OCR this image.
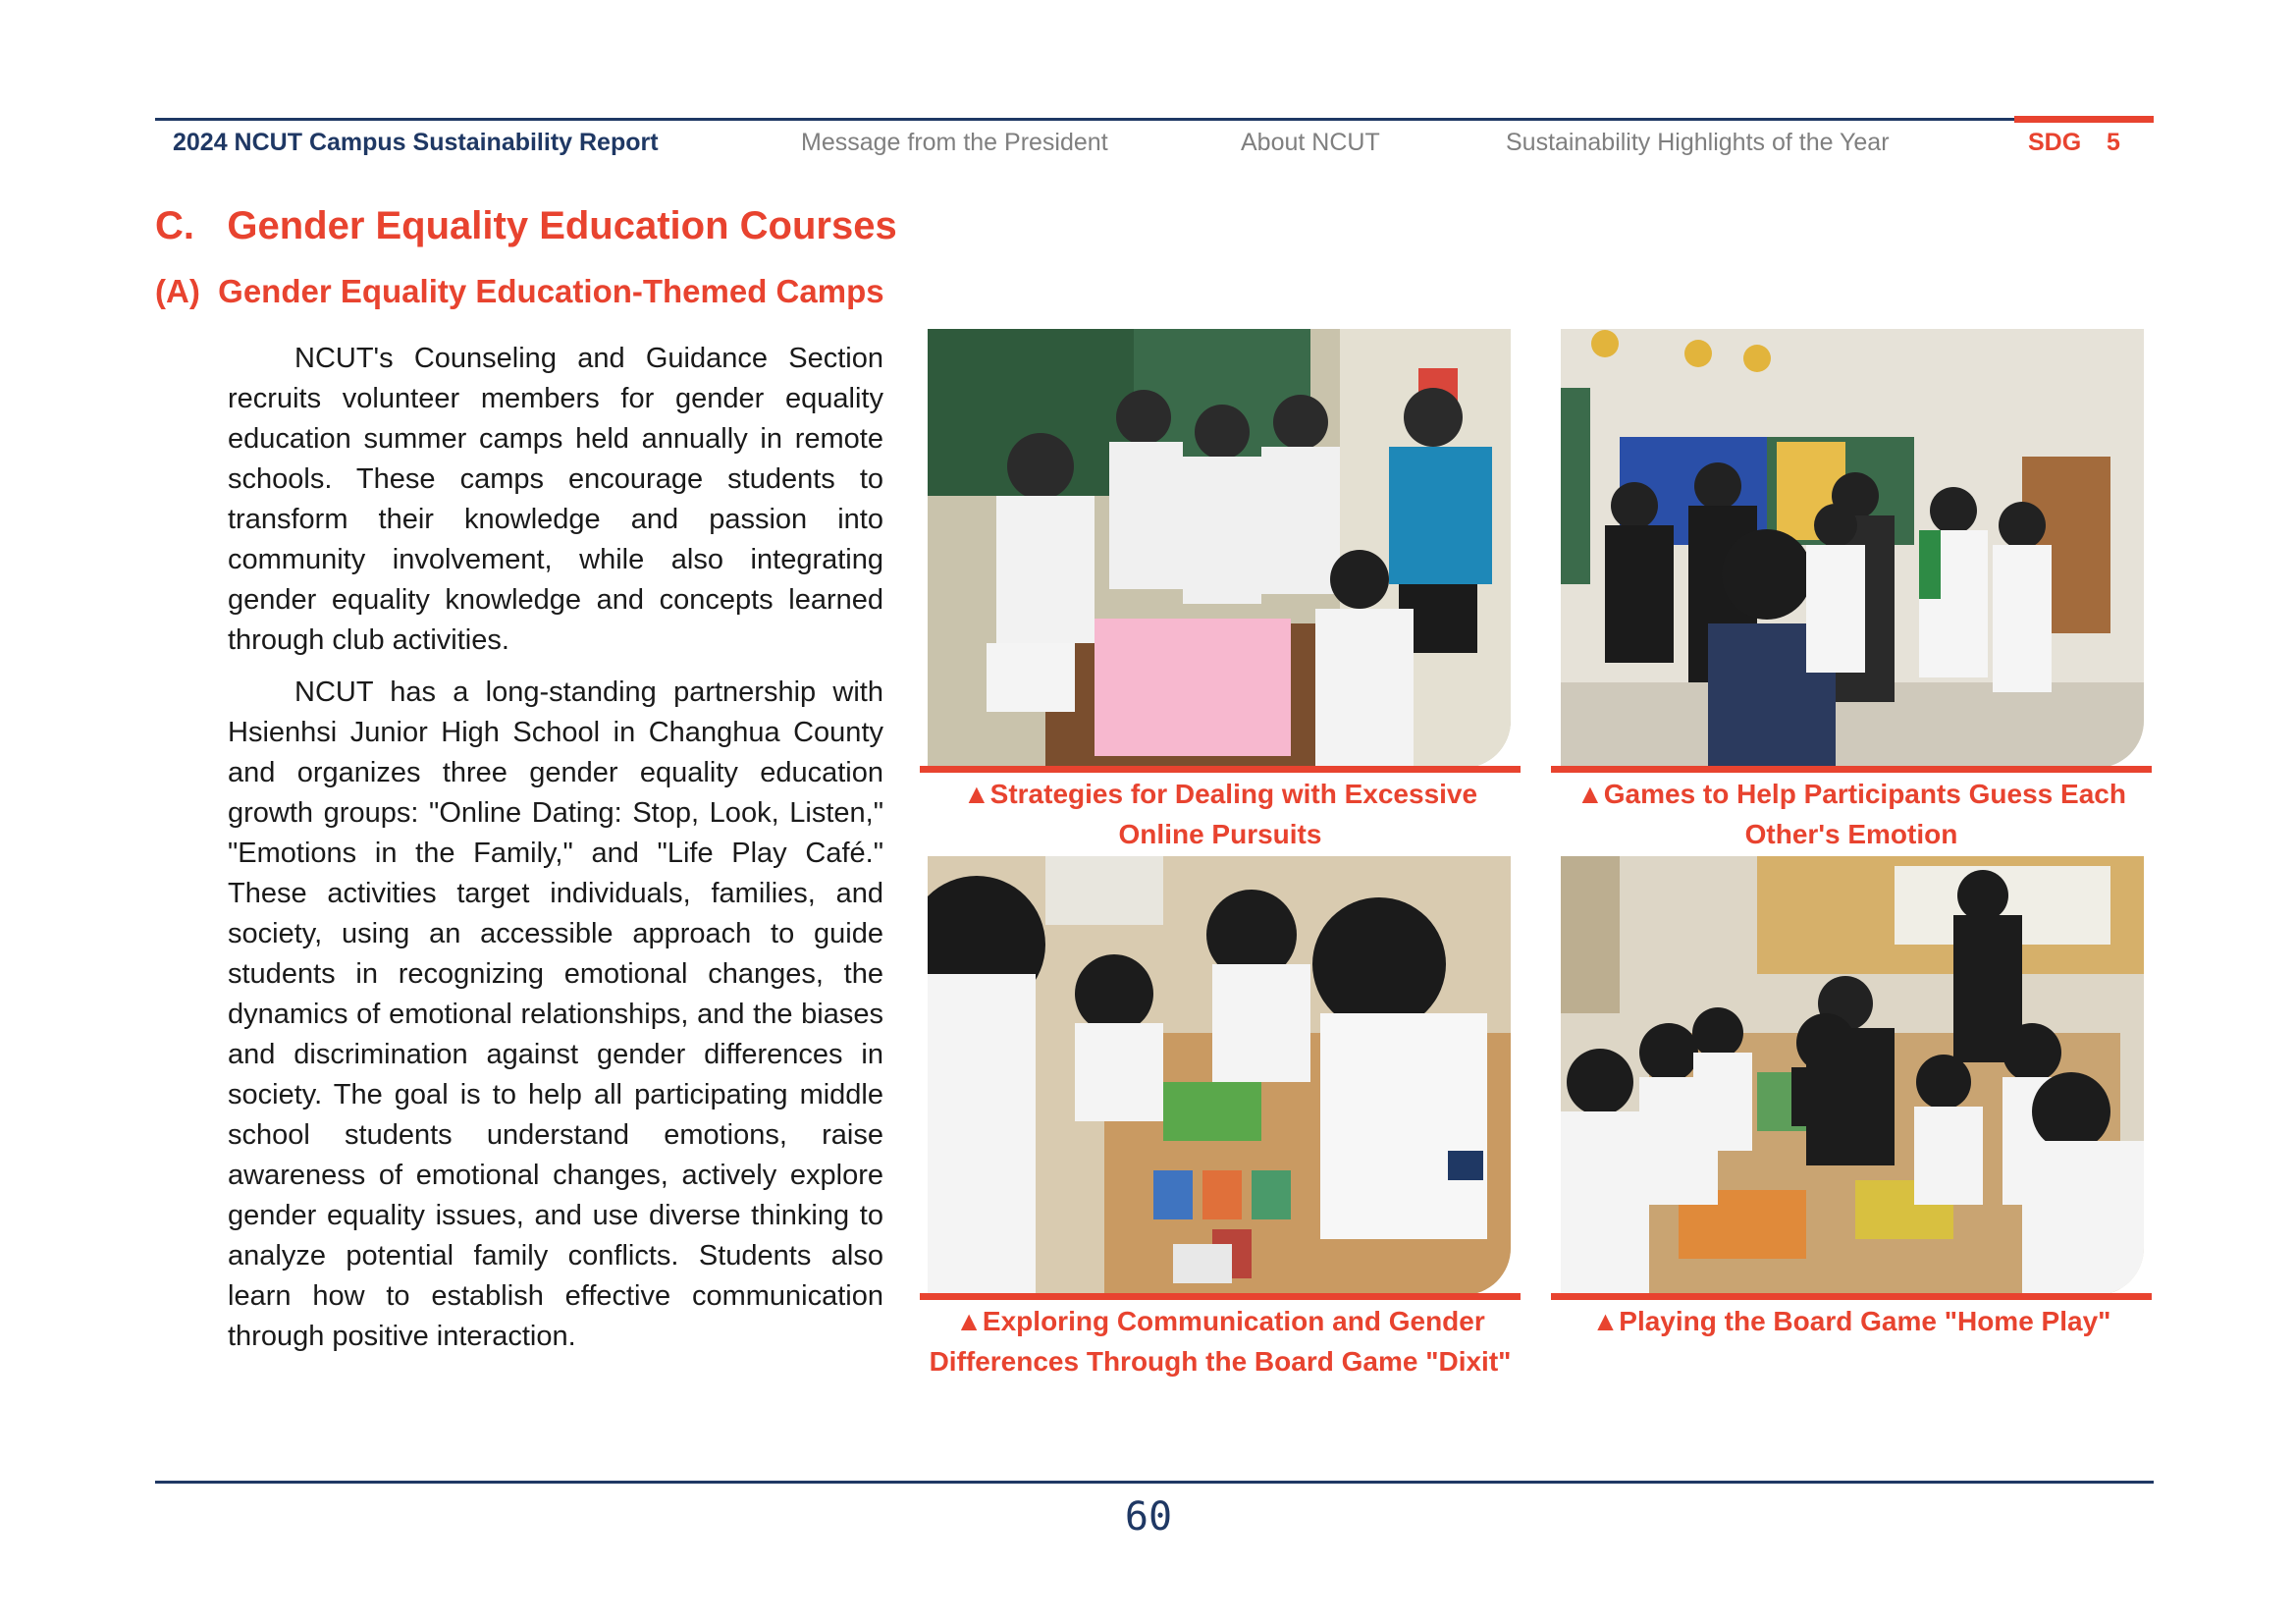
2024 NCUT Campus Sustainability Report	Message from the President	About NCUT	Sustainability Highlights of the Year	SDG 5
C.   Gender Equality Education Courses
(A)  Gender Equality Education-Themed Camps

NCUT's Counseling and Guidance Section recruits volunteer members for gender equality education summer camps held annually in remote schools. These camps encourage students to transform their knowledge and passion into community involvement, while also integrating gender equality knowledge and concepts learned through club activities.

NCUT has a long-standing partnership with Hsienhsi Junior High School in Changhua County and organizes three gender equality education growth groups: "Online Dating: Stop, Look, Listen," "Emotions in the Family," and "Life Play Café." These activities target individuals, families, and society, using an accessible approach to guide students in recognizing emotional changes, the dynamics of emotional relationships, and the biases and discrimination against gender differences in society. The goal is to help all participating middle school students understand emotions, raise awareness of emotional changes, actively explore gender equality issues, and use diverse thinking to analyze potential family conflicts. Students also learn how to establish effective communication through positive interaction.

▲Strategies for Dealing with Excessive Online Pursuits
▲Games to Help Participants Guess Each Other's Emotion
▲Exploring Communication and Gender Differences Through the Board Game "Dixit"
▲Playing the Board Game "Home Play"
60
